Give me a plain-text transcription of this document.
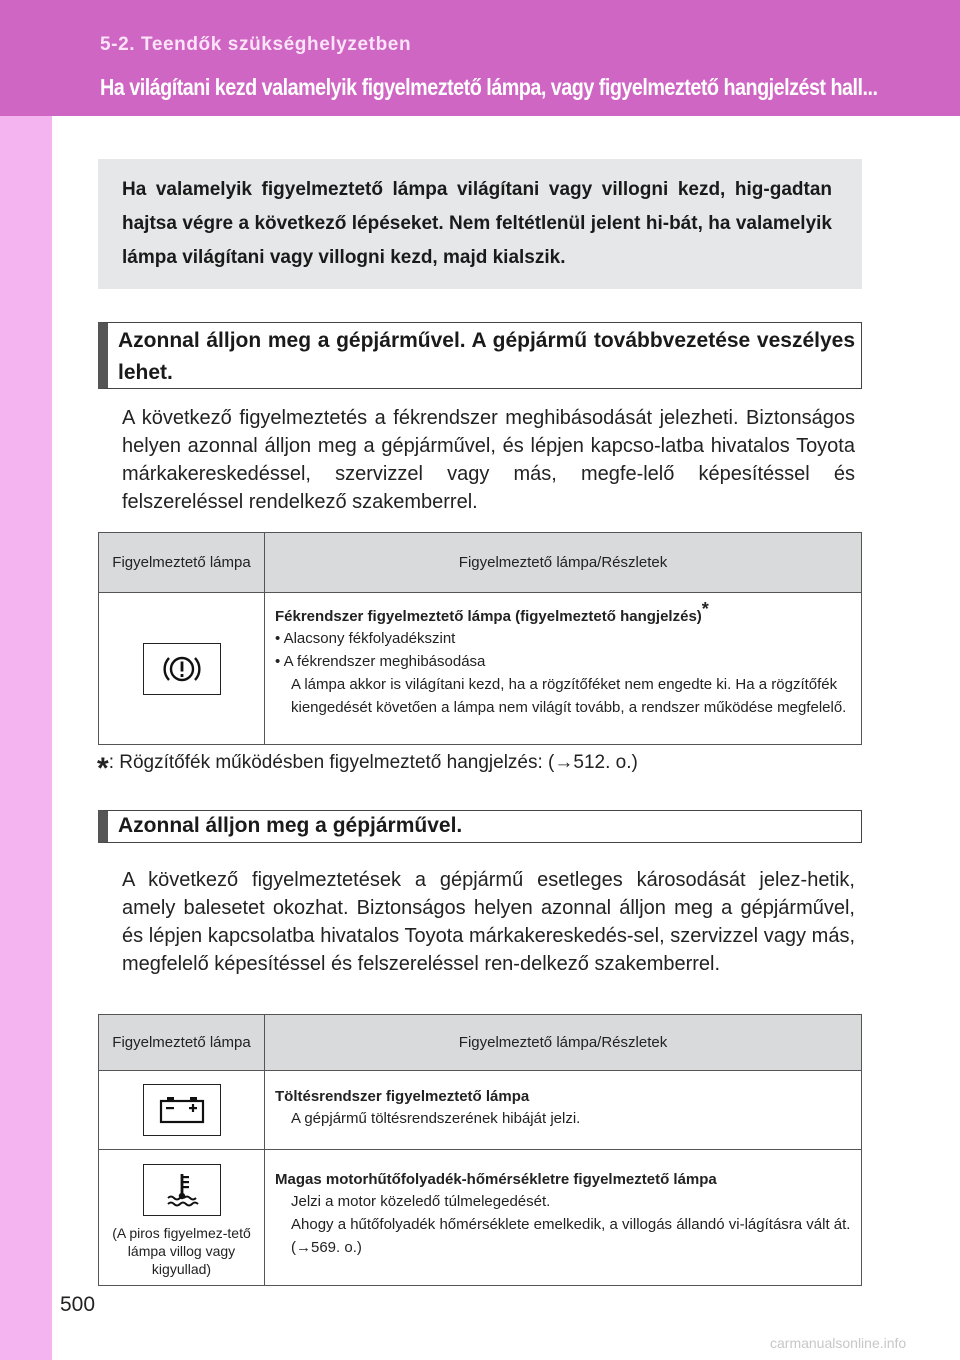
5-2. Teendők szükséghelyzetben
Ha világítani kezd valamelyik figyelmeztető lámpa, vagy figyelmeztető hangjelzést hall...
Ha valamelyik figyelmeztető lámpa világítani vagy villogni kezd, hig-gadtan hajtsa végre a következő lépéseket. Nem feltétlenül jelent hi-bát, ha valamelyik lámpa világítani vagy villogni kezd, majd kialszik.
Azonnal álljon meg a gépjárművel. A gépjármű továbbvezetése veszélyes lehet.
A következő figyelmeztetés a fékrendszer meghibásodását jelezheti. Biztonságos helyen azonnal álljon meg a gépjárművel, és lépjen kapcso-latba hivatalos Toyota márkakereskedéssel, szervizzel vagy más, megfe-lelő képesítéssel és felszereléssel rendelkező szakemberrel.
Figyelmeztető lámpa	Figyelmeztető lámpa/Részletek

Fékrendszer figyelmeztető lámpa (figyelmeztető hangjelzés)*
• Alacsony fékfolyadékszint
• A fékrendszer meghibásodása
A lámpa akkor is világítani kezd, ha a rögzítőféket nem engedte ki. Ha a rögzítőfék kiengedését követően a lámpa nem világít tovább, a rendszer működése megfelelő.
*: Rögzítőfék működésben figyelmeztető hangjelzés: (→512. o.)
Azonnal álljon meg a gépjárművel.
A következő figyelmeztetések a gépjármű esetleges károsodását jelez-hetik, amely balesetet okozhat. Biztonságos helyen azonnal álljon meg a gépjárművel, és lépjen kapcsolatba hivatalos Toyota márkakereskedés-sel, szervizzel vagy más, megfelelő képesítéssel és felszereléssel ren-delkező szakemberrel.
Figyelmeztető lámpa	Figyelmeztető lámpa/Részletek

Töltésrendszer figyelmeztető lámpa
A gépjármű töltésrendszerének hibáját jelzi.

(A piros figyelmez-tető lámpa villog vagy kigyullad)	Magas motorhűtőfolyadék-hőmérsékletre figyelmeztető lámpa
Jelzi a motor közeledő túlmelegedését.
Ahogy a hűtőfolyadék hőmérséklete emelkedik, a villogás állandó vi-lágításra vált át. (→569. o.)
500
carmanualsonline.info
